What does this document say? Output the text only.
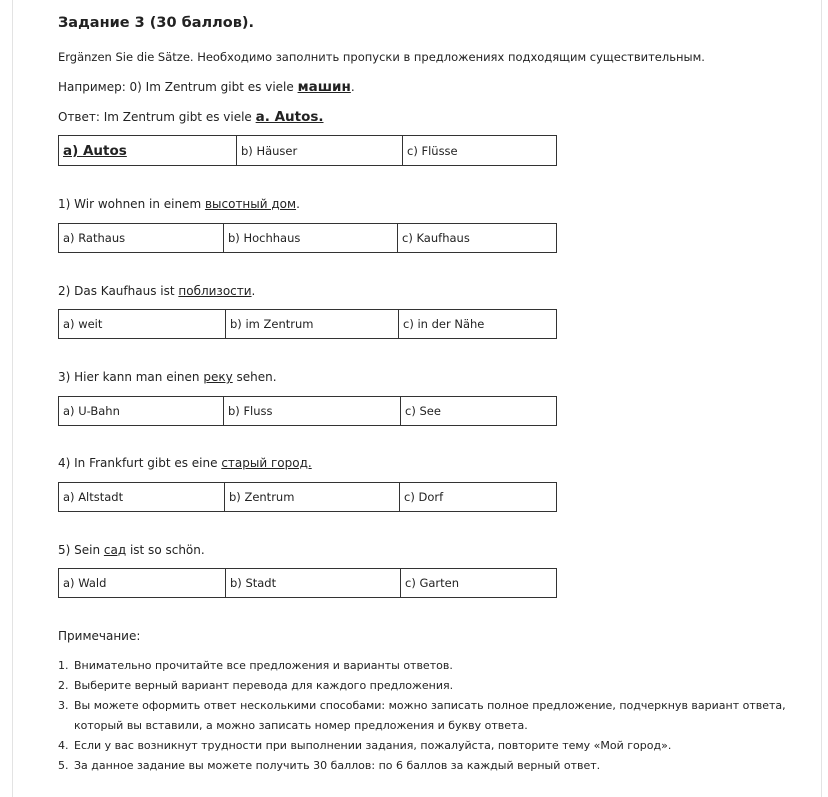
Задание 3 (30 баллов).
Ergänzen Sie die Sätze. Необходимо заполнить пропуски в предложениях подходящим существительным.
Например: 0) Im Zentrum gibt es viele машин.
Ответ: Im Zentrum gibt es viele a. Autos.
a) Autos	b) Häuser	c) Flüsse
1) Wir wohnen in einem высотный дом.
a) Rathaus	b) Hochhaus	c) Kaufhaus
2) Das Kaufhaus ist поблизости.
a) weit	b) im Zentrum	c) in der Nähe
3) Hier kann man einen реку sehen.
a) U-Bahn	b) Fluss	c) See
4) In Frankfurt gibt es eine старый город.
a) Altstadt	b) Zentrum	c) Dorf
5) Sein сад ist so schön.
a) Wald	b) Stadt	c) Garten
Примечание:
1. Внимательно прочитайте все предложения и варианты ответов.
2. Выберите верный вариант перевода для каждого предложения.
3. Вы можете оформить ответ несколькими способами: можно записать полное предложение, подчеркнув вариант ответа, который вы вставили, а можно записать номер предложения и букву ответа.
4. Если у вас возникнут трудности при выполнении задания, пожалуйста, повторите тему «Мой город».
5. За данное задание вы можете получить 30 баллов: по 6 баллов за каждый верный ответ.
